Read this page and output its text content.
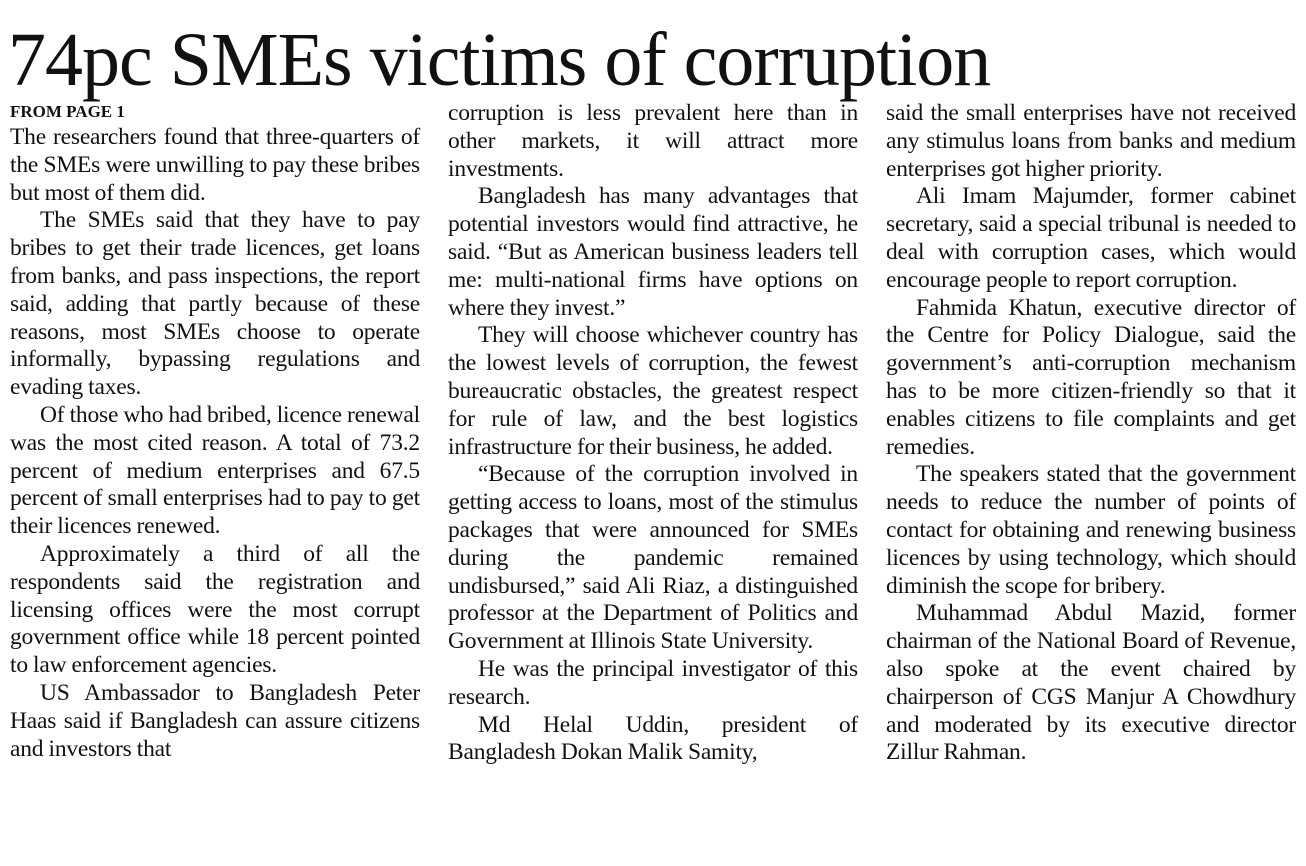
74pc SMEs victims of corruption
FROM PAGE 1

The researchers found that three-quarters of the SMEs were unwilling to pay these bribes but most of them did.

The SMEs said that they have to pay bribes to get their trade licences, get loans from banks, and pass inspections, the report said, adding that partly because of these reasons, most SMEs choose to operate informally, bypassing regulations and evading taxes.

Of those who had bribed, licence renewal was the most cited reason. A total of 73.2 percent of medium enterprises and 67.5 percent of small enterprises had to pay to get their licences renewed.

Approximately a third of all the respondents said the registration and licensing offices were the most corrupt government office while 18 percent pointed to law enforcement agencies.

US Ambassador to Bangladesh Peter Haas said if Bangladesh can assure citizens and investors that

corruption is less prevalent here than in other markets, it will attract more investments.

Bangladesh has many advantages that potential investors would find attractive, he said. “But as American business leaders tell me: multi-national firms have options on where they invest.”

They will choose whichever country has the lowest levels of corruption, the fewest bureaucratic obstacles, the greatest respect for rule of law, and the best logistics infrastructure for their business, he added.

“Because of the corruption involved in getting access to loans, most of the stimulus packages that were announced for SMEs during the pandemic remained undisbursed,” said Ali Riaz, a distinguished professor at the Department of Politics and Government at Illinois State University.

He was the principal investigator of this research.

Md Helal Uddin, president of Bangladesh Dokan Malik Samity,

said the small enterprises have not received any stimulus loans from banks and medium enterprises got higher priority.

Ali Imam Majumder, former cabinet secretary, said a special tribunal is needed to deal with corruption cases, which would encourage people to report corruption.

Fahmida Khatun, executive director of the Centre for Policy Dialogue, said the government’s anti-corruption mechanism has to be more citizen-friendly so that it enables citizens to file complaints and get remedies.

The speakers stated that the government needs to reduce the number of points of contact for obtaining and renewing business licences by using technology, which should diminish the scope for bribery.

Muhammad Abdul Mazid, former chairman of the National Board of Revenue, also spoke at the event chaired by chairperson of CGS Manjur A Chowdhury and moderated by its executive director Zillur Rahman.
